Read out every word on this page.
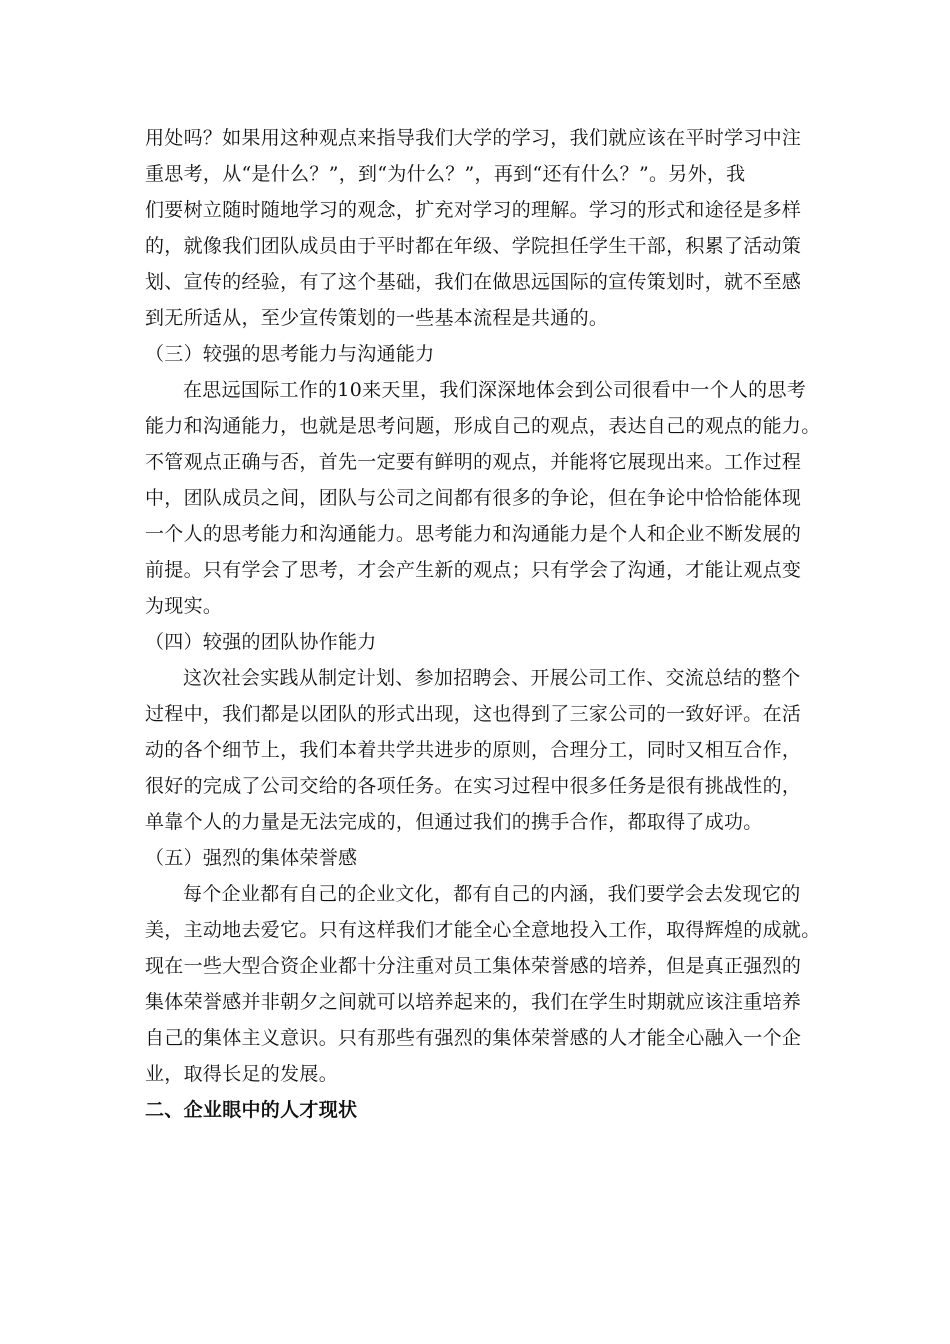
用处吗？如果用这种观点来指导我们大学的学习，我们就应该在平时学习中注
重思考，从“是什么？”，到“为什么？”，再到“还有什么？”。另外，我
们要树立随时随地学习的观念，扩充对学习的理解。学习的形式和途径是多样
的，就像我们团队成员由于平时都在年级、学院担任学生干部，积累了活动策
划、宣传的经验，有了这个基础，我们在做思远国际的宣传策划时，就不至感
到无所适从，至少宣传策划的一些基本流程是共通的。
（三）较强的思考能力与沟通能力
在思远国际工作的10来天里，我们深深地体会到公司很看中一个人的思考
能力和沟通能力，也就是思考问题，形成自己的观点，表达自己的观点的能力。
不管观点正确与否，首先一定要有鲜明的观点，并能将它展现出来。工作过程
中，团队成员之间，团队与公司之间都有很多的争论，但在争论中恰恰能体现
一个人的思考能力和沟通能力。思考能力和沟通能力是个人和企业不断发展的
前提。只有学会了思考，才会产生新的观点；只有学会了沟通，才能让观点变
为现实。
（四）较强的团队协作能力
这次社会实践从制定计划、参加招聘会、开展公司工作、交流总结的整个
过程中，我们都是以团队的形式出现，这也得到了三家公司的一致好评。在活
动的各个细节上，我们本着共学共进步的原则，合理分工，同时又相互合作，
很好的完成了公司交给的各项任务。在实习过程中很多任务是很有挑战性的，
单靠个人的力量是无法完成的，但通过我们的携手合作，都取得了成功。
（五）强烈的集体荣誉感
每个企业都有自己的企业文化，都有自己的内涵，我们要学会去发现它的
美，主动地去爱它。只有这样我们才能全心全意地投入工作，取得辉煌的成就。
现在一些大型合资企业都十分注重对员工集体荣誉感的培养，但是真正强烈的
集体荣誉感并非朝夕之间就可以培养起来的，我们在学生时期就应该注重培养
自己的集体主义意识。只有那些有强烈的集体荣誉感的人才能全心融入一个企
业，取得长足的发展。
二、企业眼中的人才现状
